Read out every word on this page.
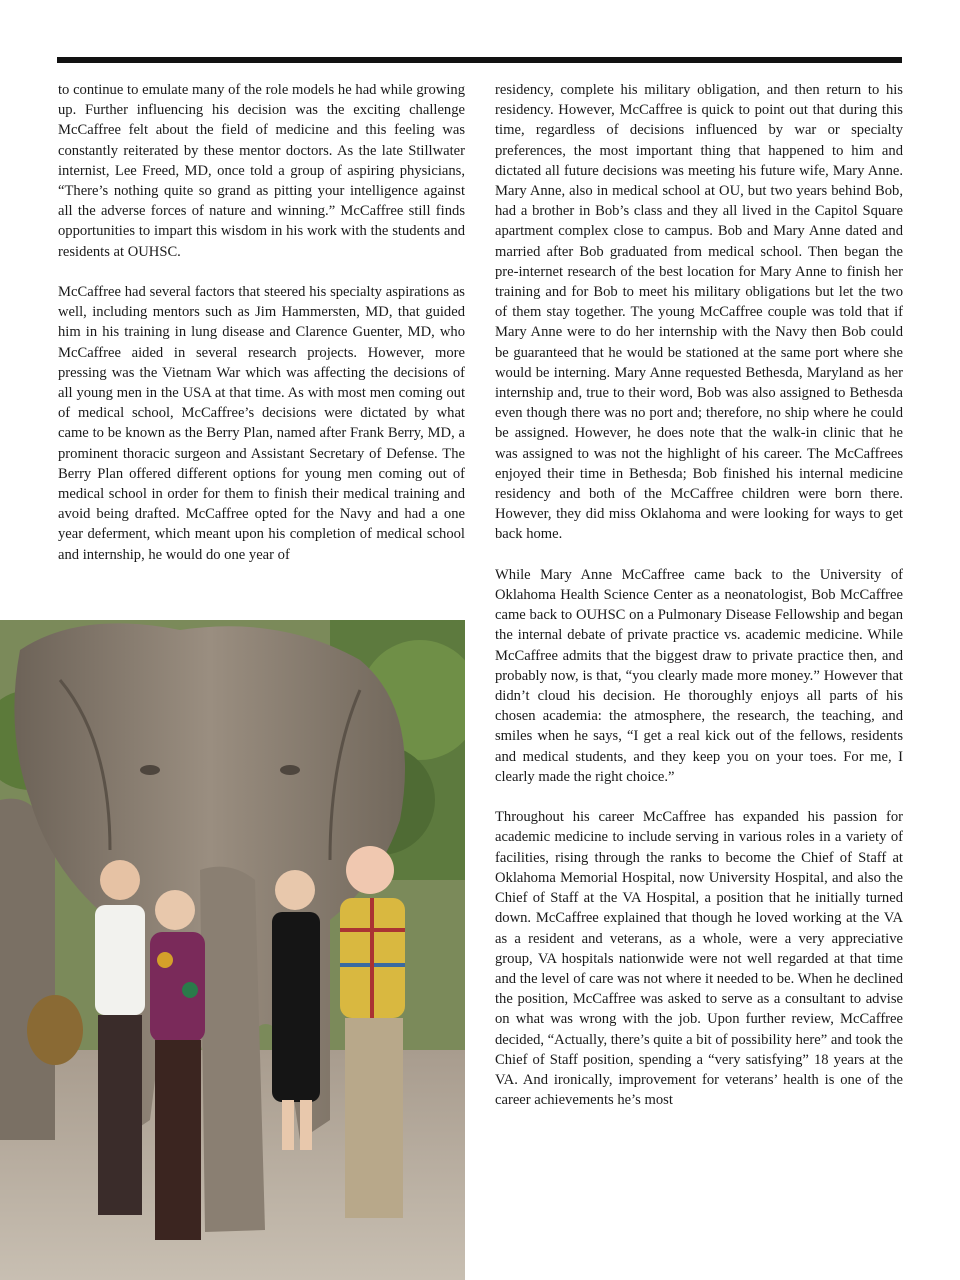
to continue to emulate many of the role models he had while growing up. Further influencing his decision was the exciting challenge McCaffree felt about the field of medicine and this feeling was constantly reiterated by these mentor doctors. As the late Stillwater internist, Lee Freed, MD, once told a group of aspiring physicians, “There’s nothing quite so grand as pitting your intelligence against all the adverse forces of nature and winning.” McCaffree still finds opportunities to impart this wisdom in his work with the students and residents at OUHSC.

McCaffree had several factors that steered his specialty aspirations as well, including mentors such as Jim Hammersten, MD, that guided him in his training in lung disease and Clarence Guenter, MD, who McCaffree aided in several research projects. However, more pressing was the Vietnam War which was affecting the decisions of all young men in the USA at that time. As with most men coming out of medical school, McCaffree’s decisions were dictated by what came to be known as the Berry Plan, named after Frank Berry, MD, a prominent thoracic surgeon and Assistant Secretary of Defense. The Berry Plan offered different options for young men coming out of medical school in order for them to finish their medical training and avoid being drafted. McCaffree opted for the Navy and had a one year deferment, which meant upon his completion of medical school and internship, he would do one year of

residency, complete his military obligation, and then return to his residency. However, McCaffree is quick to point out that during this time, regardless of decisions influenced by war or specialty preferences, the most important thing that happened to him and dictated all future decisions was meeting his future wife, Mary Anne. Mary Anne, also in medical school at OU, but two years behind Bob, had a brother in Bob’s class and they all lived in the Capitol Square apartment complex close to campus. Bob and Mary Anne dated and married after Bob graduated from medical school. Then began the pre-internet research of the best location for Mary Anne to finish her training and for Bob to meet his military obligations but let the two of them stay together. The young McCaffree couple was told that if Mary Anne were to do her internship with the Navy then Bob could be guaranteed that he would be stationed at the same port where she would be interning. Mary Anne requested Bethesda, Maryland as her internship and, true to their word, Bob was also assigned to Bethesda even though there was no port and; therefore, no ship where he could be assigned. However, he does note that the walk-in clinic that he was assigned to was not the highlight of his career. The McCaffrees enjoyed their time in Bethesda; Bob finished his internal medicine residency and both of the McCaffree children were born there. However, they did miss Oklahoma and were looking for ways to get back home.

While Mary Anne McCaffree came back to the University of Oklahoma Health Science Center as a neonatologist, Bob McCaffree came back to OUHSC on a Pulmonary Disease Fellowship and began the internal debate of private practice vs. academic medicine. While McCaffree admits that the biggest draw to private practice then, and probably now, is that, “you clearly made more money.” However that didn’t cloud his decision. He thoroughly enjoys all parts of his chosen academia: the atmosphere, the research, the teaching, and smiles when he says, “I get a real kick out of the fellows, residents and medical students, and they keep you on your toes. For me, I clearly made the right choice.”

Throughout his career McCaffree has expanded his passion for academic medicine to include serving in various roles in a variety of facilities, rising through the ranks to become the Chief of Staff at Oklahoma Memorial Hospital, now University Hospital, and also the Chief of Staff at the VA Hospital, a position that he initially turned down. McCaffree explained that though he loved working at the VA as a resident and veterans, as a whole, were a very appreciative group, VA hospitals nationwide were not well regarded at that time and the level of care was not where it needed to be. When he declined the position, McCaffree was asked to serve as a consultant to advise on what was wrong with the job. Upon further review, McCaffree decided, “Actually, there’s quite a bit of possibility here” and took the Chief of Staff position, spending a “very satisfying” 18 years at the VA. And ironically, improvement for veterans’ health is one of the career achievements he’s most
